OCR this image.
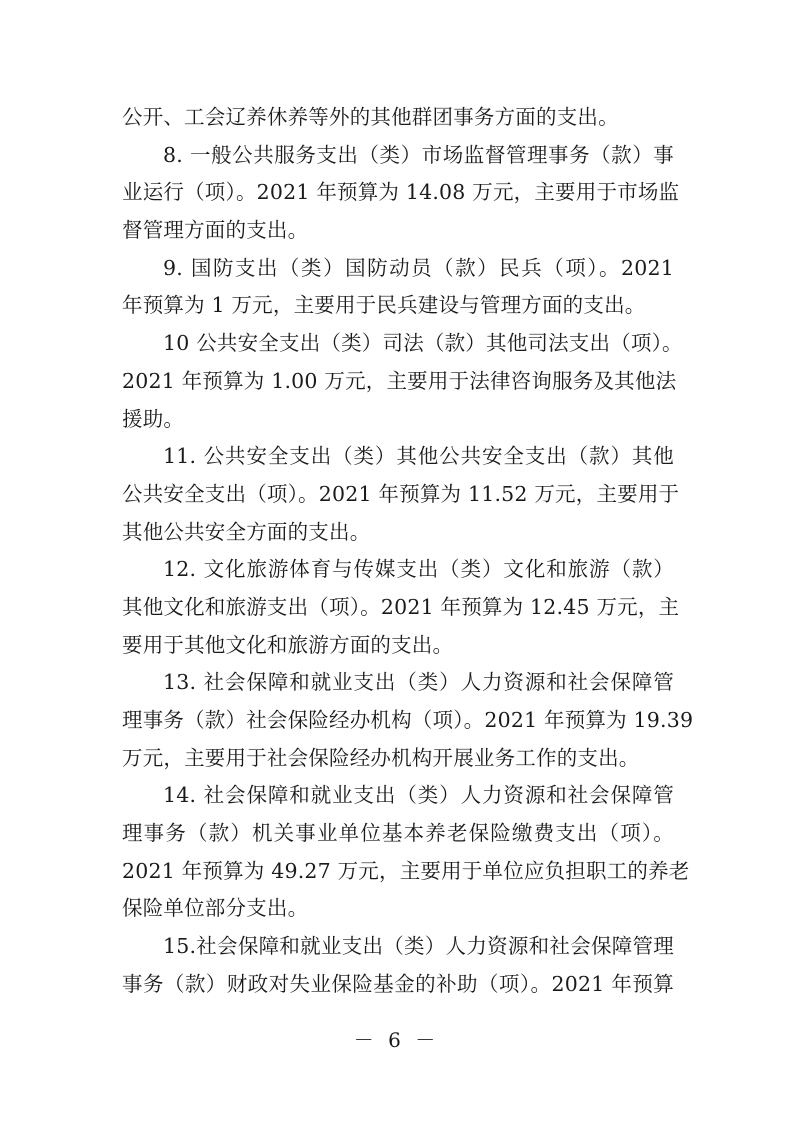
公开、工会辽养休养等外的其他群团事务方面的支出。
8. 一般公共服务支出（类）市场监督管理事务（款）事
业运行（项）。2021 年预算为 14.08 万元，主要用于市场监
督管理方面的支出。
9. 国防支出（类）国防动员（款）民兵（项）。2021
年预算为 1 万元，主要用于民兵建设与管理方面的支出。
10 公共安全支出（类）司法（款）其他司法支出（项）。
2021 年预算为 1.00 万元，主要用于法律咨询服务及其他法
援助。
11. 公共安全支出（类）其他公共安全支出（款）其他
公共安全支出（项）。2021 年预算为 11.52 万元，主要用于
其他公共安全方面的支出。
12. 文化旅游体育与传媒支出（类）文化和旅游（款）
其他文化和旅游支出（项）。2021 年预算为 12.45 万元，主
要用于其他文化和旅游方面的支出。
13. 社会保障和就业支出（类）人力资源和社会保障管
理事务（款）社会保险经办机构（项）。2021 年预算为 19.39
万元，主要用于社会保险经办机构开展业务工作的支出。
14. 社会保障和就业支出（类）人力资源和社会保障管
理事务（款）机关事业单位基本养老保险缴费支出（项）。
2021 年预算为 49.27 万元，主要用于单位应负担职工的养老
保险单位部分支出。
15.社会保障和就业支出（类）人力资源和社会保障管理
事务（款）财政对失业保险基金的补助（项）。2021 年预算
－ 6 －
